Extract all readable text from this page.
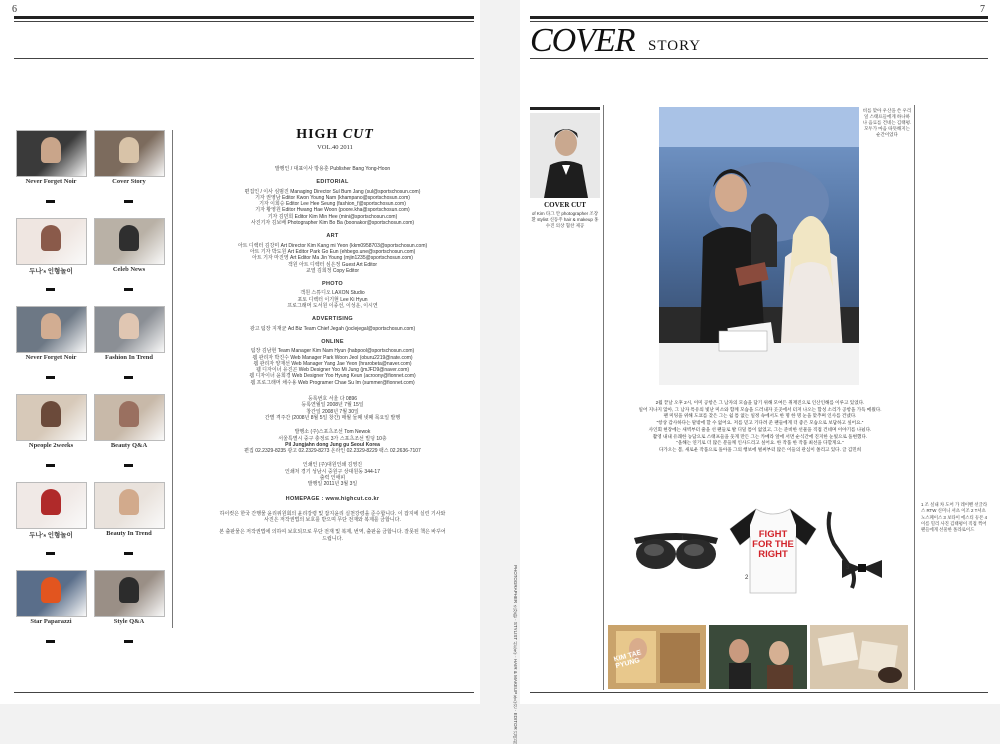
6
Never Forget Noir	Cover Story
두나's 인형놀이	Celeb News
Never Forget Noir	Fashion In Trend
Npeople 2weeks	Beauty Q&A
두나's 인형놀이	Beauty In Trend
Star Paparazzi	Style Q&A
HIGH CUT
VOL.40 2011
발행인 / 대표이사 방용훈 Publisher Bang Yong-Hoon
EDITORIAL
편집인 / 이사 심범진 Managing Director Sul Bum Jang (sul@sportschosun.com)
기자 권영남 Editor Kwon Young Nam (khampano@sportschosun.com)
기자 이희승 Editor Lee Hee Seung (fashion_f@sportschosun.com)
기자 황영원 Editor Hwang Hae Woon (poore.kha@sportschosun.com)
기자 김민희 Editor Kim Min Hee (mini@sportschosun.com)
사진기자 김보배 Photographer Kim Bo Ba (boonakor@sportschosun.com)
ART
아트 디렉터 김강미 Art Director Kim Kang mi Yeon (kkm0958703@sportschosun.com)
아트 기자 박도원 Art Editor Park Go Eun (ehbego.une@sportschosun.com)
아트 기자 마진영 Art Editor Ma Jin Young (mjin1235@sportschosun.com)
객원 아트 디렉터 심은정 Guest Art Editor
교열 김희정 Copy Editor
PHOTO
객원 스튜디오 LAXON Studio
포토 디렉터 이기현 Lee Ki Hyun
프로그래머 도서원 이종선, 이성운, 이시연
ADVERTISING
광고 팀장 지재균 Ad Biz Team Chief Jegah (joclejegal@sportschosun.com)
ONLINE
팀장 김남현 Team Manager Kim Nam Hyun (habpool@sportschosun.com)
웹 관리자 박진수 Web Manager Park Woon Jeol (oburu2219@nate.com)
웹 관리자 양재선 Web Manager Yang Jae Yeon (hrarobeta@naver.com)
웹 디자이너 유진곤 Web Designer Yoo Mi Jung (jmJFD9@naver.com)
웹 디자이너 윤희경 Web Designer Yoo Hyung Keun (acroony@fionnet.com)
웹 프로그래머 채수용 Web Programer Chae Su Im (summer@fionnet.com)
등록번호 서울 다 0896
등록연월일 2008년 7월 15일
창간일 2008년 7월 30일
간별 격주간 (2008년 8월 5일 창간) 매월 둘째 넷째 목요일 발행
발행소 (주)스포츠조선 Tom Newok
서울특별시 중구 충정로 3가 스포츠조선 빌딩 10층
Pil Jungjahn dong Jung gu Seoul Korea
편집 02.2329-8235 광고 02.2329-8273 온라인 02.2329-8229 팩스 02.2636-7107
인쇄인 (주)대원인쇄 김영진
인쇄처 경기 성남시 중원구 상대원동 344-17
출력 인애피
발행일 2011년 3월 3일
HOMEPAGE : www.highcut.co.kr
하이컷은 한국 간행물 윤리위원회의 윤리강령 및 잡지윤리 실천강령을 준수합니다. 이 잡지에 실린 기사와 사진은 저작권법의 보호를 받으며 무단 전재와 복제를 금합니다.
본 출판물은 저작권법에 의하여 보호되므로 무단 전재 및 복제, 번역, 출판을 금합니다. 잘못된 책은 바꾸어 드립니다.
7
COVER STORY
COVER CUT
of Kim 타그 안 photographer 조장환 stylist 신동주 hair & makeup 홍수진 의상 협찬 제공
비를 맞아 우산을 쓴 우리 일 스태프들에게 하나하나 음료를 건네는 김태평. 모두가 마음 따뜻해지는 순간이었다
2월 끝날 오후 2시, 이미 공항은 그 남자의 모습을 담기 위해 모여든 취재진으로 인산인해를 이루고 있었다.
일어 지나지 않아, 그 남자 특유의 빛난 미소와 함께 모습을 드러내자 곳곳에서 터져 나오는 함성 소리가 공항을 가득 메웠다.
팬 미팅을 위해 도쿄를 찾은 그는 쉴 틈 없는 일정 속에서도 한 명 한 명 눈을 맞추며 인사를 건넸다.
“항상 감사하다는 말밖에 할 수 없어요. 저를 믿고 기다려 준 팬들에게 더 좋은 모습으로 보답하고 싶어요.”
사인회 현장에는 새벽부터 줄을 선 팬들로 발 디딜 틈이 없었고, 그는 준비한 선물을 직접 건네며 이야기를 나눴다.
촬영 내내 유쾌한 농담으로 스태프들을 웃게 만든 그는 카메라 앞에 서면 순식간에 진지한 눈빛으로 돌변했다.
“올해는 연기로 더 많은 분들께 인사드리고 싶어요. 한 작품 한 작품 최선을 다할게요.”
다가오는 봄, 새로운 작품으로 돌아올 그의 행보에 벌써부터 많은 이들의 관심이 쏠리고 있다. 글 김민희
1	FIGHT FOR THE RIGHT
2
3
KIM TAE PYUNG
PHOTOGRAPHER 조장환 · STYLIST 신동주 · HAIR & MAKEUP 홍수진 · EDITOR 김민희
1 조 실내 차 도어 가 레이밴 선글라스 RTW 신미니 셔츠 이조 2 T셔츠 노스페이스 3 보타이 에스티 듀폰 4 이름 밀리 사진 김태평이 직접 찍어 팬들에게 선물한 폴라로이드
